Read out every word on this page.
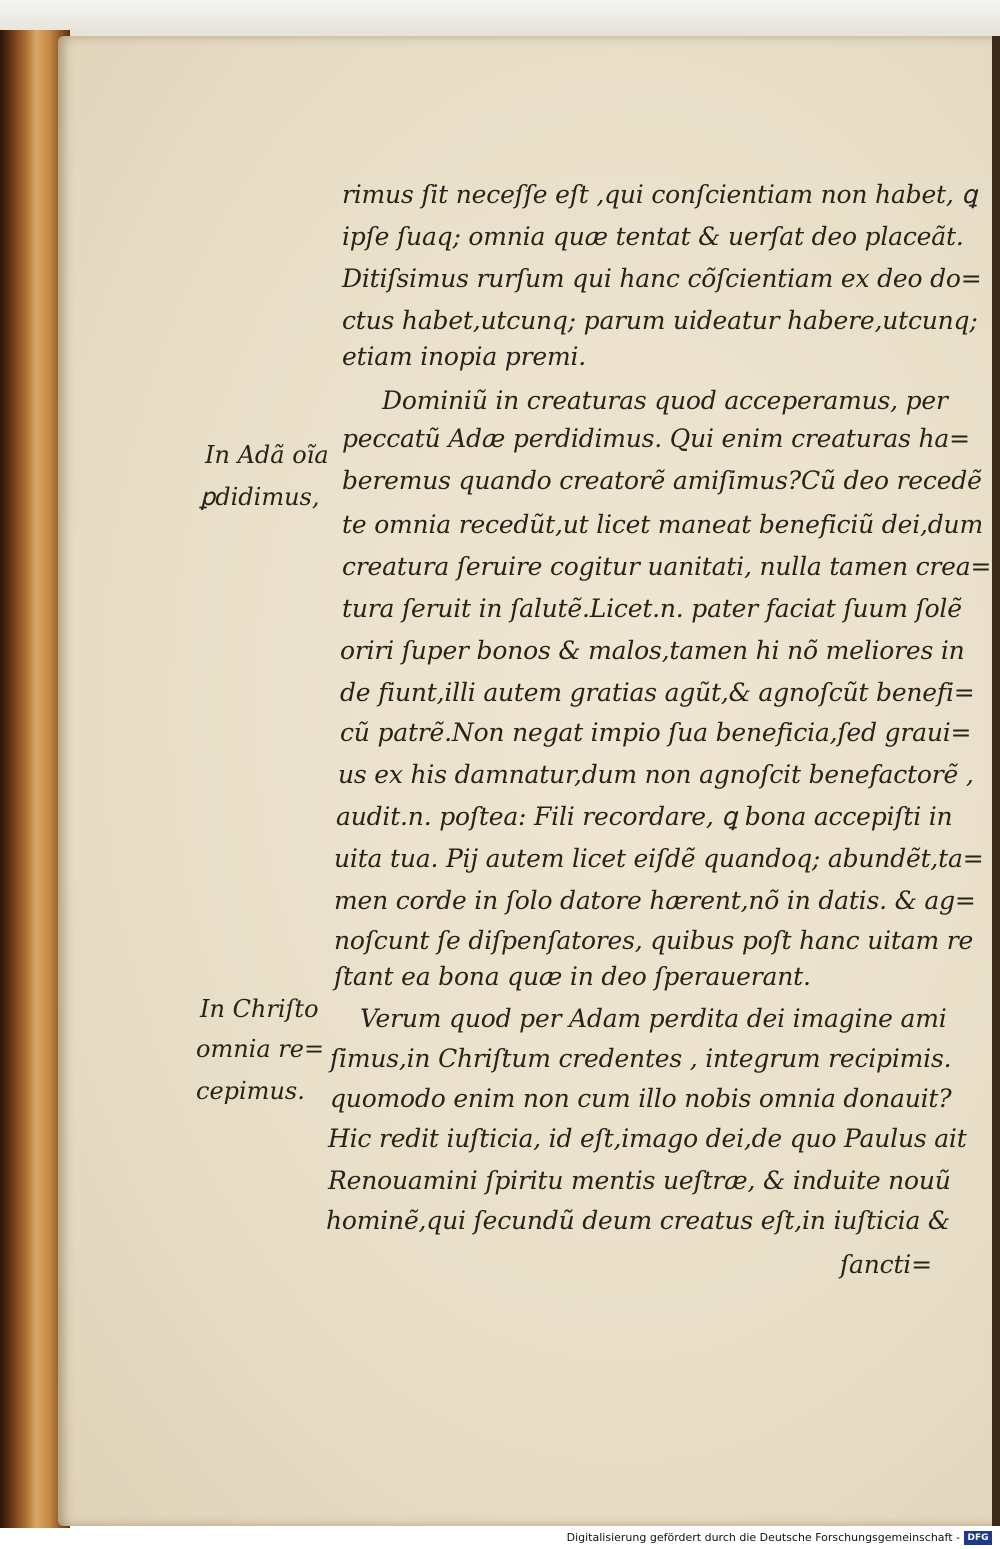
rimus ſit neceſſe eſt ,qui conſcientiam non habet, ꝗ

ipſe ſuaq; omnia quæ tentat & uerſat deo placeãt.

Ditiſsimus rurſum qui hanc cõſcientiam ex deo do=

ctus habet,utcunq; parum uideatur habere,utcunq;

etiam inopia premi.

Dominiũ in creaturas quod acceperamus, per

peccatũ Adæ perdidimus. Qui enim creaturas ha=

beremus quando creatorẽ amiſimus?Cũ deo recedẽ

te omnia recedũt,ut licet maneat beneficiũ dei,dum

creatura ſeruire cogitur uanitati, nulla tamen crea=

tura ſeruit in ſalutẽ.Licet.n. pater faciat ſuum ſolẽ

oriri ſuper bonos & malos,tamen hi nõ meliores in

de fiunt,illi autem gratias agũt,& agnoſcũt benefi=

cũ patrẽ.Non negat impio ſua beneficia,ſed graui=

us ex his damnatur,dum non agnoſcit benefactorẽ ,

audit.n. poſtea: Fili recordare, ꝗ bona accepiſti in

uita tua. Pij autem licet eiſdẽ quandoq; abundẽt,ta=

men corde in ſolo datore hærent,nõ in datis. & ag=

noſcunt ſe diſpenſatores, quibus poſt hanc uitam re

ſtant ea bona quæ in deo ſperauerant.

Verum quod per Adam perdita dei imagine ami

ſimus,in Chriſtum credentes , integrum recipimis.

quomodo enim non cum illo nobis omnia donauit?

Hic redit iuſticia, id eſt,imago dei,de quo Paulus ait

Renouamini ſpiritu mentis ueſtræ, & induite nouũ

hominẽ,qui ſecundũ deum creatus eſt,in iuſticia &

ſancti=

In Adã oĩa

ꝑdidimus,

In Chriſto

omnia re=

cepimus.

Digitalisierung gefördert durch die Deutsche Forschungsgemeinschaft - DFG
